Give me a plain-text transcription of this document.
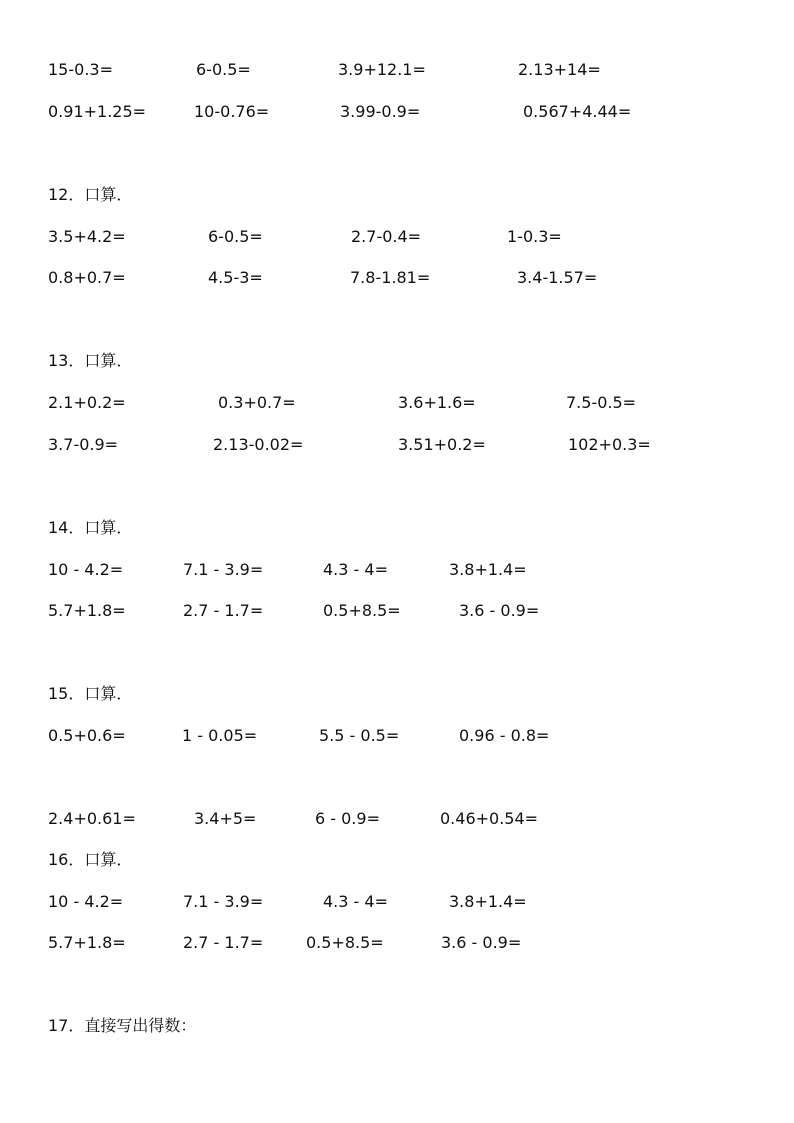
15-0.3=	6-0.5=	3.9+12.1=	2.13+14=
0.91+1.25=	10-0.76=	3.99-0.9=	0.567+4.44=
12．口算．
3.5+4.2=	6-0.5=	2.7-0.4=	1-0.3=
0.8+0.7=	4.5-3=	7.8-1.81=	3.4-1.57=
13．口算．
2.1+0.2=	0.3+0.7=	3.6+1.6=	7.5-0.5=
3.7-0.9=	2.13-0.02=	3.51+0.2=	102+0.3=
14．口算．
10 - 4.2=	7.1 - 3.9=	4.3 - 4=	3.8+1.4=
5.7+1.8=	2.7 - 1.7=	0.5+8.5=	3.6 - 0.9=
15．口算．
0.5+0.6=	1 - 0.05=	5.5 - 0.5=	0.96 - 0.8=
2.4+0.61=	3.4+5=	6 - 0.9=	0.46+0.54=
16．口算．
10 - 4.2=	7.1 - 3.9=	4.3 - 4=	3.8+1.4=
5.7+1.8=	2.7 - 1.7=	0.5+8.5=	3.6 - 0.9=
17．直接写出得数：
